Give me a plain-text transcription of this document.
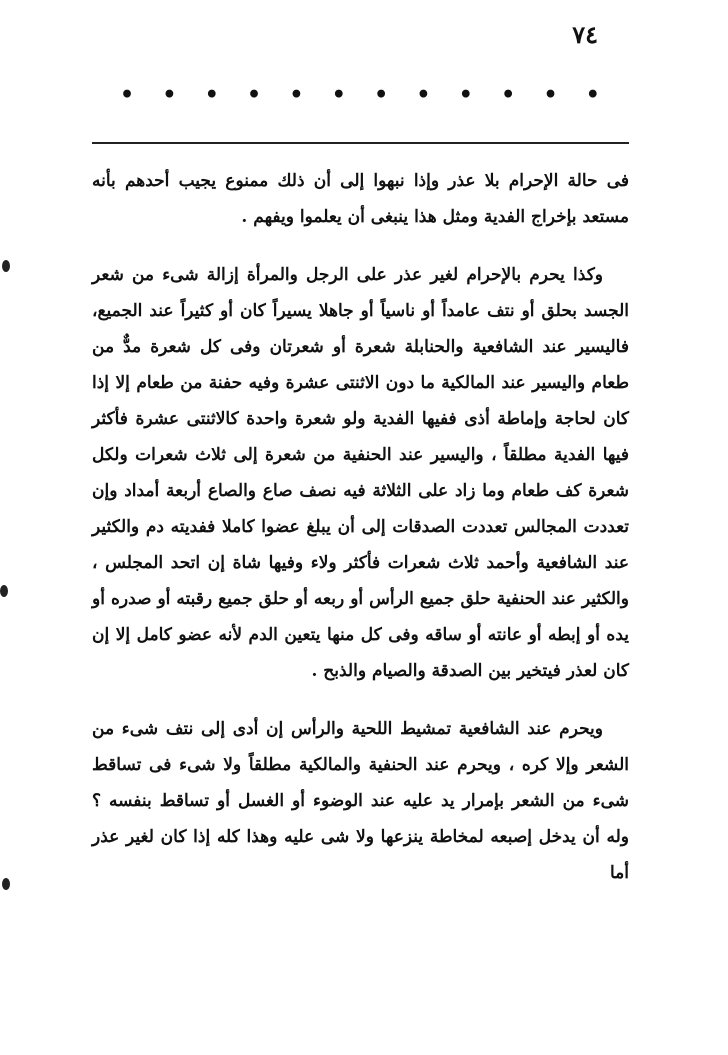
٧٤
• • • • • • • • • • • •

فى حالة الإحرام بلا عذر وإذا نبهوا إلى أن ذلك ممنوع يجيب أحدهم بأنه مستعد بإخراج الفدية ومثل هذا ينبغى أن يعلموا ويفهم .

وكذا يحرم بالإحرام لغير عذر على الرجل والمرأة إزالة شىء من شعر الجسد بحلق أو نتف عامداً أو ناسياً أو جاهلا يسيراً كان أو كثيراً عند الجميع، فاليسير عند الشافعية والحنابلة شعرة أو شعرتان وفى كل شعرة مدٌّ من طعام واليسير عند المالكية ما دون الاثنتى عشرة وفيه حفنة من طعام إلا إذا كان لحاجة وإماطة أذى ففيها الفدية ولو شعرة واحدة كالاثنتى عشرة فأكثر فيها الفدية مطلقاً ، واليسير عند الحنفية من شعرة إلى ثلاث شعرات ولكل شعرة كف طعام وما زاد على الثلاثة فيه نصف صاع والصاع أربعة أمداد وإن تعددت المجالس تعددت الصدقات إلى أن يبلغ عضوا كاملا ففديته دم والكثير عند الشافعية وأحمد ثلاث شعرات فأكثر ولاء وفيها شاة إن اتحد المجلس ، والكثير عند الحنفية حلق جميع الرأس أو ربعه أو حلق جميع رقبته أو صدره أو يده أو إبطه أو عانته أو ساقه وفى كل منها يتعين الدم لأنه عضو كامل إلا إن كان لعذر فيتخير بين الصدقة والصيام والذبح .

ويحرم عند الشافعية تمشيط اللحية والرأس إن أدى إلى نتف شىء من الشعر وإلا كره ، ويحرم عند الحنفية والمالكية مطلقاً ولا شىء فى تساقط شىء من الشعر بإمرار يد عليه عند الوضوء أو الغسل أو تساقط بنفسه ؟ وله أن يدخل إصبعه لمخاطة ينزعها ولا شى عليه وهذا كله إذا كان لغير عذر أما
